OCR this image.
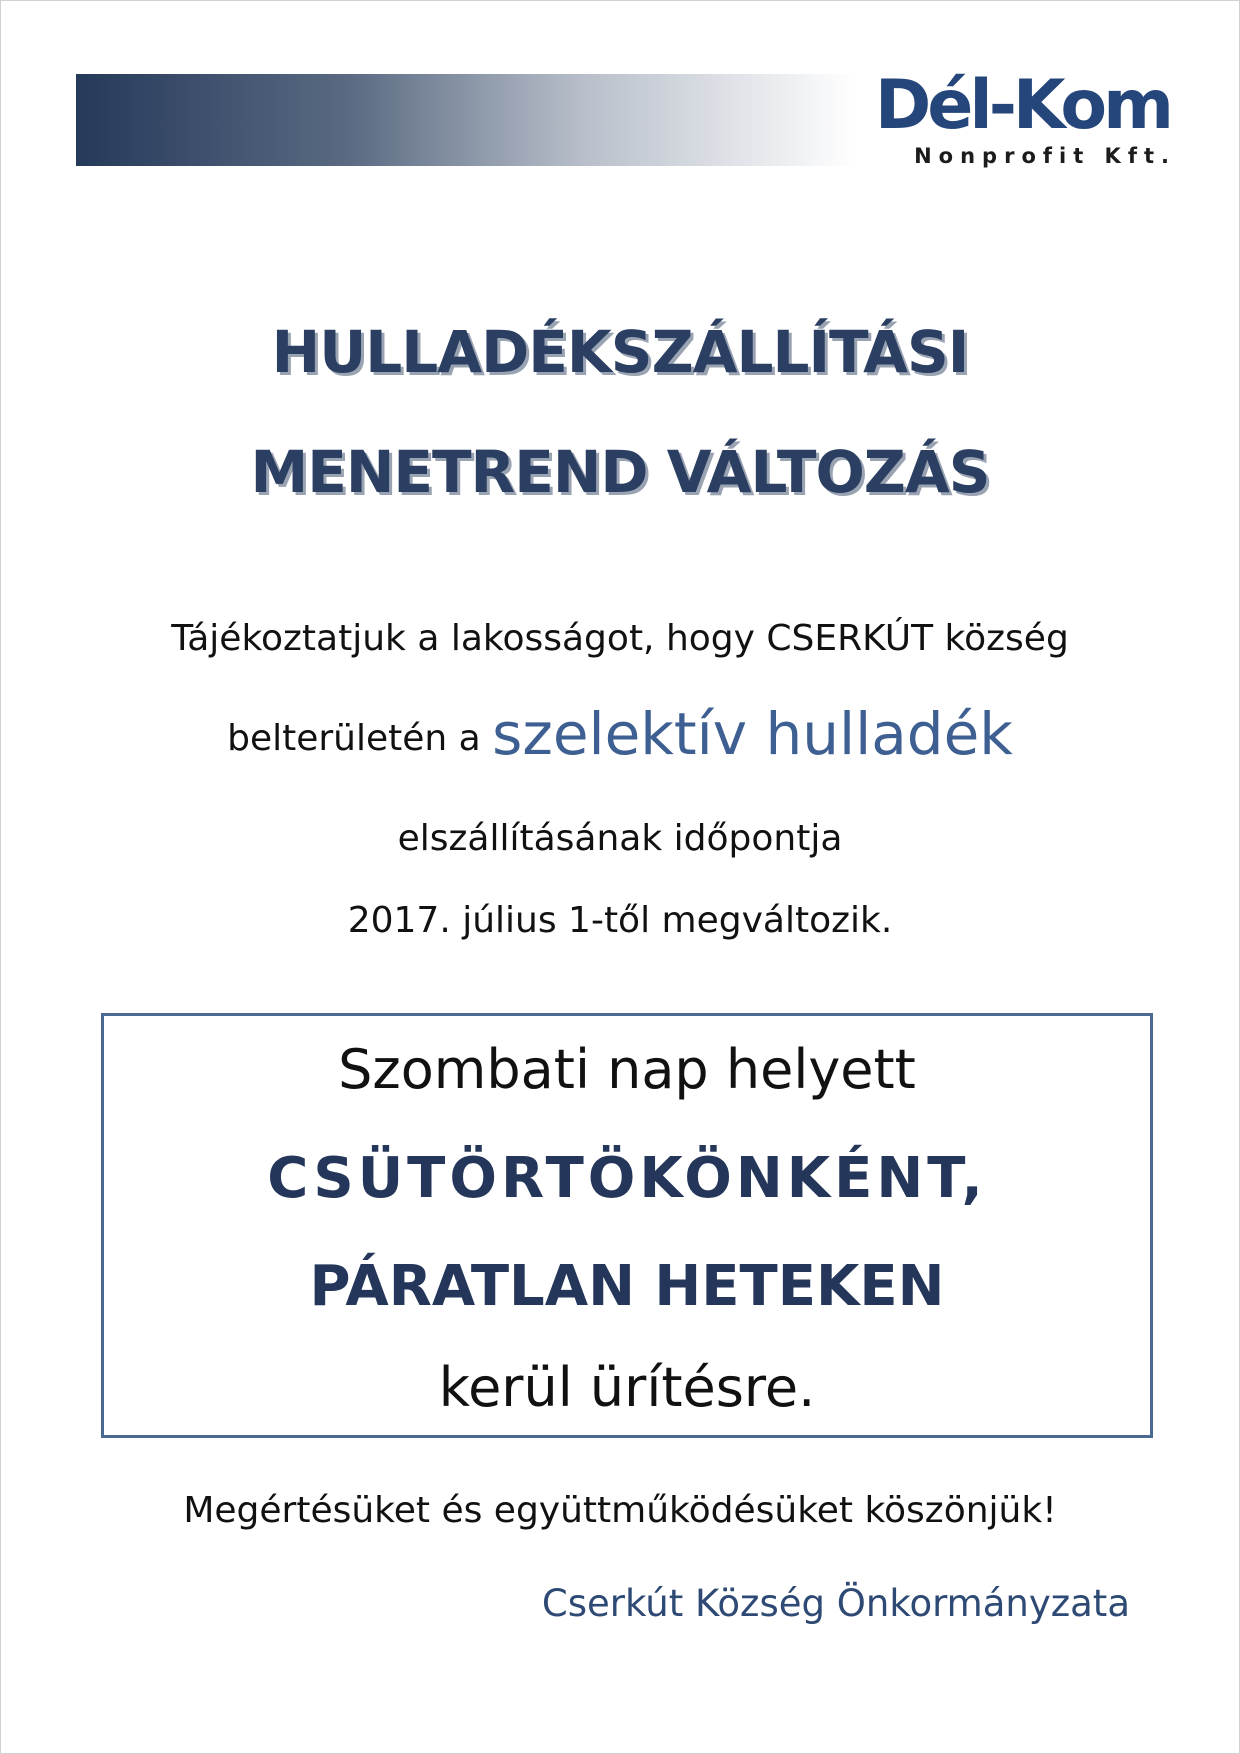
Dél-Kom
Nonprofit Kft.
HULLADÉKSZÁLLÍTÁSI
MENETREND VÁLTOZÁS
Tájékoztatjuk a lakosságot, hogy CSERKÚT község
belterületén a szelektív hulladék
elszállításának időpontja
2017. július 1-től megváltozik.
Szombati nap helyett
CSÜTÖRTÖKÖNKÉNT,
PÁRATLAN HETEKEN
kerül ürítésre.
Megértésüket és együttműködésüket köszönjük!
Cserkút Község Önkormányzata
